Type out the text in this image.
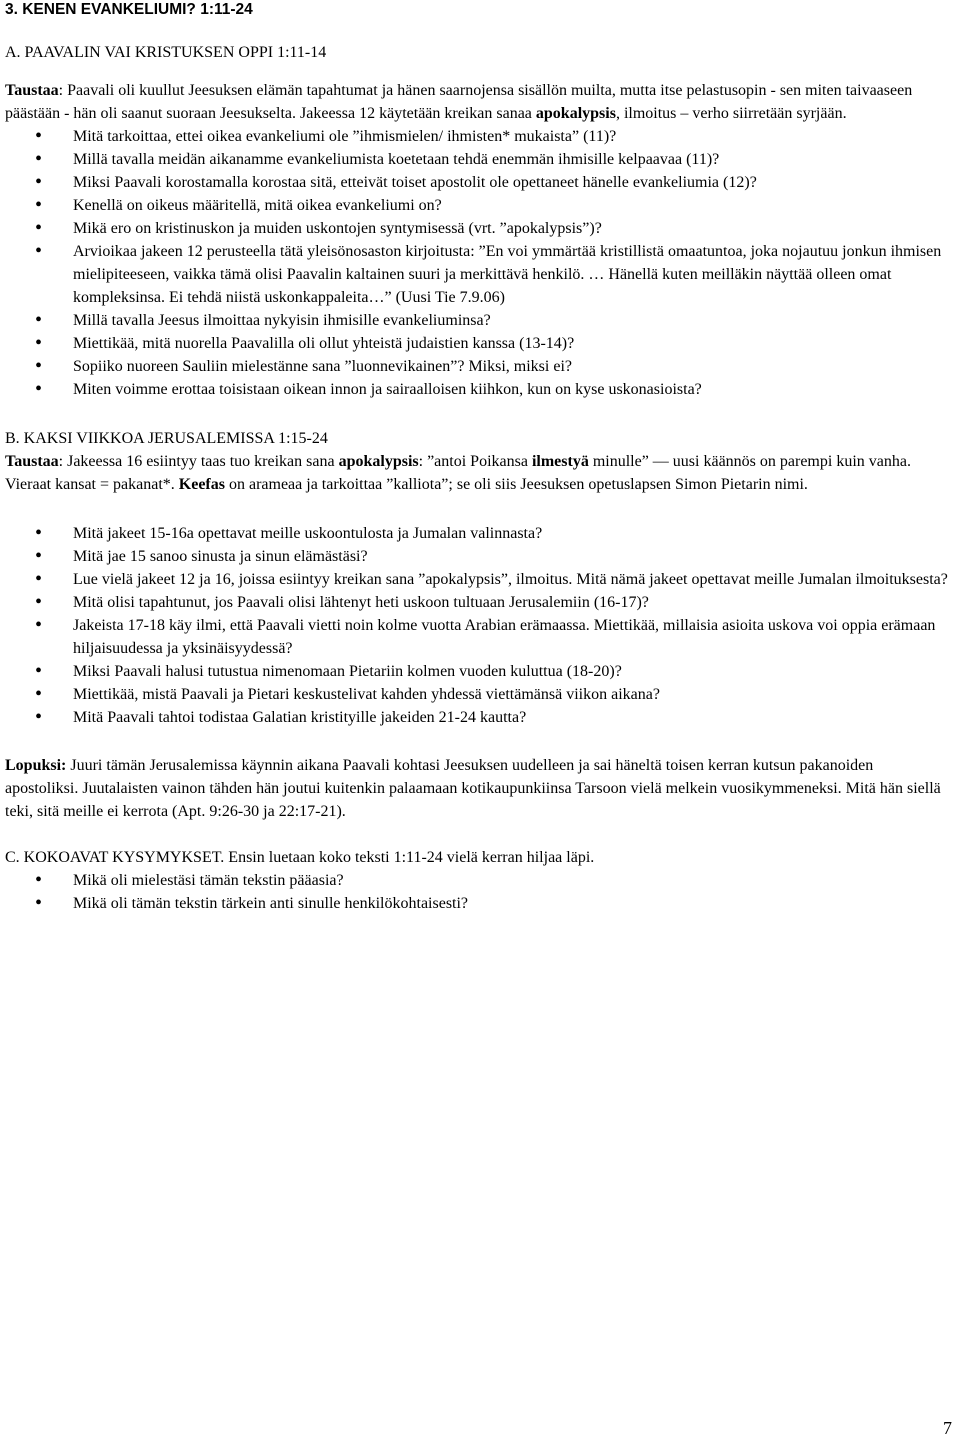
3. KENEN EVANKELIUMI? 1:11-24
A. PAAVALIN VAI KRISTUKSEN OPPI 1:11-14

Taustaa: Paavali oli kuullut Jeesuksen elämän tapahtumat ja hänen saarnojensa sisällön muilta, mutta itse pelastusopin - sen miten taivaaseen päästään - hän oli saanut suoraan Jeesukselta. Jakeessa 12 käytetään kreikan sanaa apokalypsis, ilmoitus – verho siirretään syrjään.

• Mitä tarkoittaa, ettei oikea evankeliumi ole ”ihmismielen/ ihmisten* mukaista” (11)?
• Millä tavalla meidän aikanamme evankeliumista koetetaan tehdä enemmän ihmisille kelpaavaa (11)?
• Miksi Paavali korostamalla korostaa sitä, etteivät toiset apostolit ole opettaneet hänelle evankeliumia (12)?
• Kenellä on oikeus määritellä, mitä oikea evankeliumi on?
• Mikä ero on kristinuskon ja muiden uskontojen syntymisessä (vrt. ”apokalypsis”)?
• Arvioikaa jakeen 12 perusteella tätä yleisönosaston kirjoitusta: ”En voi ymmärtää kristillistä omaatuntoa, joka nojautuu jonkun ihmisen mielipiteeseen, vaikka tämä olisi Paavalin kaltainen suuri ja merkittävä henkilö. … Hänellä kuten meilläkin näyttää olleen omat kompleksinsa. Ei tehdä niistä uskonkappaleita…” (Uusi Tie 7.9.06)
• Millä tavalla Jeesus ilmoittaa nykyisin ihmisille evankeliuminsa?
• Miettikää, mitä nuorella Paavalilla oli ollut yhteistä judaistien kanssa (13-14)?
• Sopiiko nuoreen Sauliin mielestänne sana ”luonnevikainen”? Miksi, miksi ei?
• Miten voimme erottaa toisistaan oikean innon ja sairaalloisen kiihkon, kun on kyse uskonasioista?
B. KAKSI VIIKKOA JERUSALEMISSA 1:15-24

Taustaa: Jakeessa 16 esiintyy taas tuo kreikan sana apokalypsis: ”antoi Poikansa ilmestyä minulle” — uusi käännös on parempi kuin vanha. Vieraat kansat = pakanat*. Keefas on arameaa ja tarkoittaa ”kalliota”; se oli siis Jeesuksen opetuslapsen Simon Pietarin nimi.

• Mitä jakeet 15-16a opettavat meille uskoontulosta ja Jumalan valinnasta?
• Mitä jae 15 sanoo sinusta ja sinun elämästäsi?
• Lue vielä jakeet 12 ja 16, joissa esiintyy kreikan sana ”apokalypsis”, ilmoitus. Mitä nämä jakeet opettavat meille Jumalan ilmoituksesta?
• Mitä olisi tapahtunut, jos Paavali olisi lähtenyt heti uskoon tultuaan Jerusalemiin (16-17)?
• Jakeista 17-18 käy ilmi, että Paavali vietti noin kolme vuotta Arabian erämaassa. Miettikää, millaisia asioita uskova voi oppia erämaan hiljaisuudessa ja yksinäisyydessä?
• Miksi Paavali halusi tutustua nimenomaan Pietariin kolmen vuoden kuluttua (18-20)?
• Miettikää, mistä Paavali ja Pietari keskustelivat kahden yhdessä viettämänsä viikon aikana?
• Mitä Paavali tahtoi todistaa Galatian kristityille jakeiden 21-24 kautta?

Lopuksi: Juuri tämän Jerusalemissa käynnin aikana Paavali kohtasi Jeesuksen uudelleen ja sai häneltä toisen kerran kutsun pakanoiden apostoliksi. Juutalaisten vainon tähden hän joutui kuitenkin palaamaan kotikaupunkiinsa Tarsoon vielä melkein vuosikymmeneksi. Mitä hän siellä teki, sitä meille ei kerrota (Apt. 9:26-30 ja 22:17-21).

C. KOKOAVAT KYSYMYKSET. Ensin luetaan koko teksti 1:11-24 vielä kerran hiljaa läpi.
• Mikä oli mielestäsi tämän tekstin pääasia?
• Mikä oli tämän tekstin tärkein anti sinulle henkilökohtaisesti?
7
